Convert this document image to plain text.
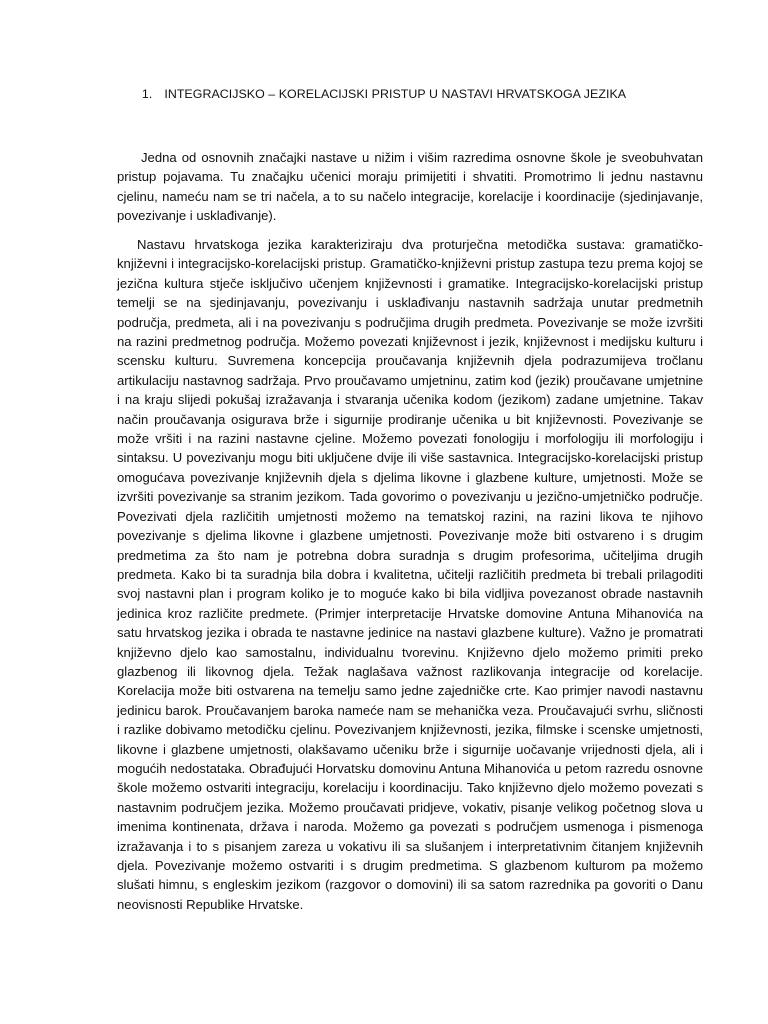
1. INTEGRACIJSKO – KORELACIJSKI PRISTUP U NASTAVI HRVATSKOGA JEZIKA

Jedna od osnovnih značajki nastave u nižim i višim razredima osnovne škole je sveobuhvatan pristup pojavama. Tu značajku učenici moraju primijetiti i shvatiti. Promotrimo li jednu nastavnu cjelinu, nameću nam se tri načela, a to su načelo integracije, korelacije i koordinacije (sjedinjavanje, povezivanje i usklađivanje).

Nastavu hrvatskoga jezika karakteriziraju dva proturječna metodička sustava: gramatičko-književni i integracijsko-korelacijski pristup. Gramatičko-književni pristup zastupa tezu prema kojoj se jezična kultura stječe isključivo učenjem književnosti i gramatike. Integracijsko-korelacijski pristup temelji se na sjedinjavanju, povezivanju i usklađivanju nastavnih sadržaja unutar predmetnih područja, predmeta, ali i na povezivanju s područjima drugih predmeta. Povezivanje se može izvršiti na razini predmetnog područja. Možemo povezati književnost i jezik, književnost i medijsku kulturu i scensku kulturu. Suvremena koncepcija proučavanja književnih djela podrazumijeva tročlanu artikulaciju nastavnog sadržaja. Prvo proučavamo umjetninu, zatim kod (jezik) proučavane umjetnine i na kraju slijedi pokušaj izražavanja i stvaranja učenika kodom (jezikom) zadane umjetnine. Takav način proučavanja osigurava brže i sigurnije prodiranje učenika u bit književnosti. Povezivanje se može vršiti i na razini nastavne cjeline. Možemo povezati fonologiju i morfologiju ili morfologiju i sintaksu. U povezivanju mogu biti uključene dvije ili više sastavnica. Integracijsko-korelacijski pristup omogućava povezivanje književnih djela s djelima likovne i glazbene kulture, umjetnosti. Može se izvršiti povezivanje sa stranim jezikom. Tada govorimo o povezivanju u jezično-umjetničko područje. Povezivati djela različitih umjetnosti možemo na tematskoj razini, na razini likova te njihovo povezivanje s djelima likovne i glazbene umjetnosti. Povezivanje može biti ostvareno i s drugim predmetima za što nam je potrebna dobra suradnja s drugim profesorima, učiteljima drugih predmeta. Kako bi ta suradnja bila dobra i kvalitetna, učitelji različitih predmeta bi trebali prilagoditi svoj nastavni plan i program koliko je to moguće kako bi bila vidljiva povezanost obrade nastavnih jedinica kroz različite predmete. (Primjer interpretacije Hrvatske domovine Antuna Mihanovića na satu hrvatskog jezika i obrada te nastavne jedinice na nastavi glazbene kulture). Važno je promatrati književno djelo kao samostalnu, individualnu tvorevinu. Književno djelo možemo primiti preko glazbenog ili likovnog djela. Težak naglašava važnost razlikovanja integracije od korelacije. Korelacija može biti ostvarena na temelju samo jedne zajedničke crte. Kao primjer navodi nastavnu jedinicu barok. Proučavanjem baroka nameće nam se mehanička veza. Proučavajući svrhu, sličnosti i razlike dobivamo metodičku cjelinu. Povezivanjem književnosti, jezika, filmske i scenske umjetnosti, likovne i glazbene umjetnosti, olakšavamo učeniku brže i sigurnije uočavanje vrijednosti djela, ali i mogućih nedostataka. Obrađujući Horvatsku domovinu Antuna Mihanovića u petom razredu osnovne škole možemo ostvariti integraciju, korelaciju i koordinaciju. Tako književno djelo možemo povezati s nastavnim područjem jezika. Možemo proučavati pridjeve, vokativ, pisanje velikog početnog slova u imenima kontinenata, država i naroda. Možemo ga povezati s područjem usmenoga i pismenoga izražavanja i to s pisanjem zareza u vokativu ili sa slušanjem i interpretativnim čitanjem književnih djela. Povezivanje možemo ostvariti i s drugim predmetima. S glazbenom kulturom pa možemo slušati himnu, s engleskim jezikom (razgovor o domovini) ili sa satom razrednika pa govoriti o Danu neovisnosti Republike Hrvatske.
